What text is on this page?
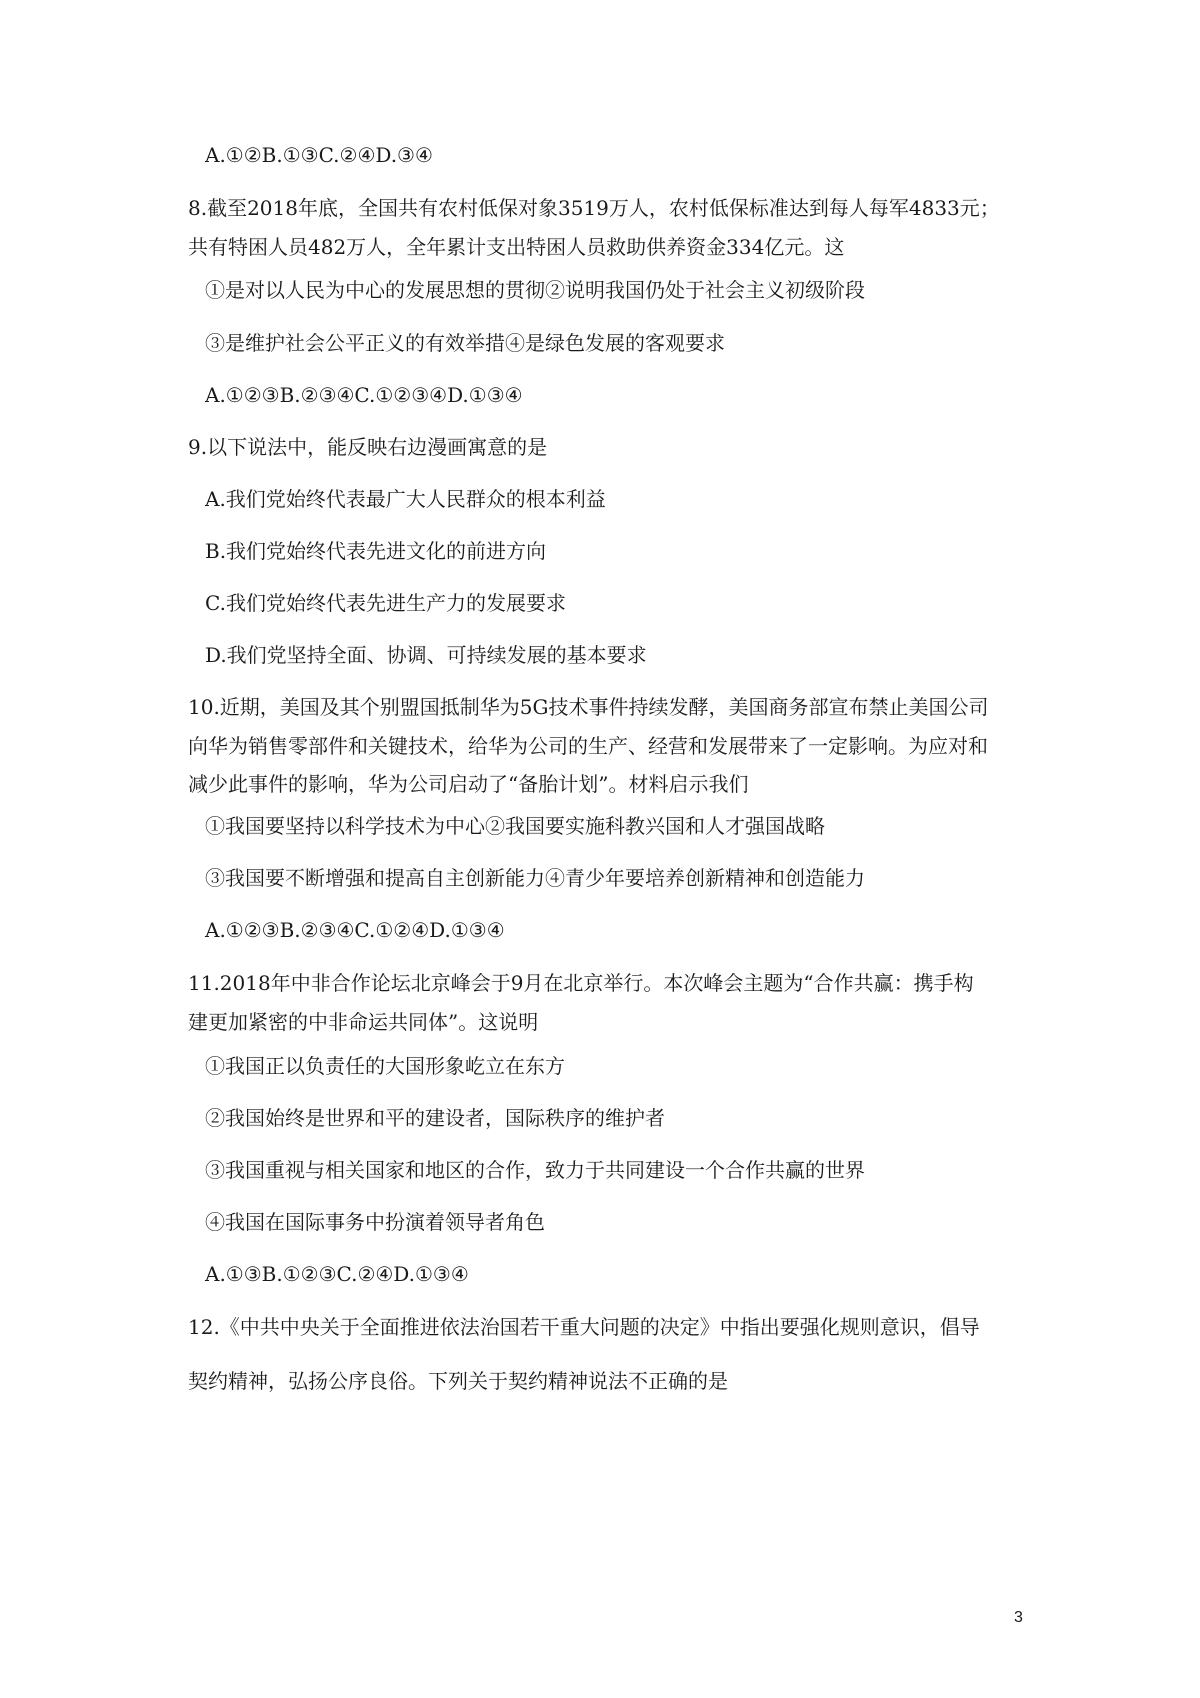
A.①②B.①③C.②④D.③④
8.截至2018年底，全国共有农村低保对象3519万人，农村低保标准达到每人每军4833元；
共有特困人员482万人，全年累计支出特困人员救助供养资金334亿元。这
①是对以人民为中心的发展思想的贯彻②说明我国仍处于社会主义初级阶段
③是维护社会公平正义的有效举措④是绿色发展的客观要求
A.①②③B.②③④C.①②③④D.①③④
9.以下说法中，能反映右边漫画寓意的是
A.我们党始终代表最广大人民群众的根本利益
B.我们党始终代表先进文化的前进方向
C.我们党始终代表先进生产力的发展要求
D.我们党坚持全面、协调、可持续发展的基本要求
10.近期，美国及其个别盟国抵制华为5G技术事件持续发酵，美国商务部宣布禁止美国公司
向华为销售零部件和关键技术，给华为公司的生产、经营和发展带来了一定影响。为应对和
减少此事件的影响，华为公司启动了“备胎计划”。材料启示我们
①我国要坚持以科学技术为中心②我国要实施科教兴国和人才强国战略
③我国要不断增强和提高自主创新能力④青少年要培养创新精神和创造能力
A.①②③B.②③④C.①②④D.①③④
11.2018年中非合作论坛北京峰会于9月在北京举行。本次峰会主题为“合作共赢：携手构
建更加紧密的中非命运共同体”。这说明
①我国正以负责任的大国形象屹立在东方
②我国始终是世界和平的建设者，国际秩序的维护者
③我国重视与相关国家和地区的合作，致力于共同建设一个合作共赢的世界
④我国在国际事务中扮演着领导者角色
A.①③B.①②③C.②④D.①③④
12.《中共中央关于全面推进依法治国若干重大问题的决定》中指出要强化规则意识，倡导
契约精神，弘扬公序良俗。下列关于契约精神说法不正确的是
3
